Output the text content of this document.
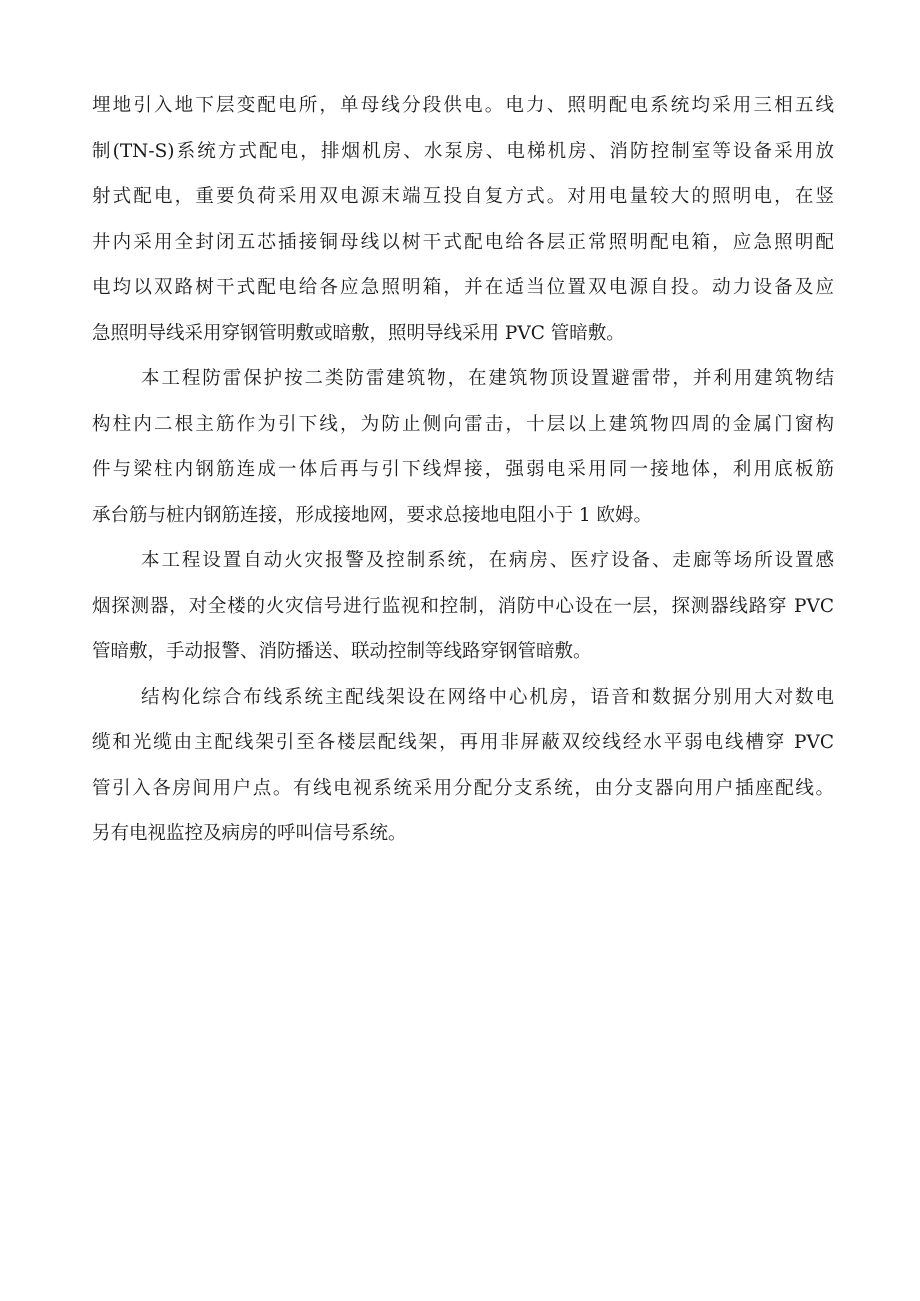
埋地引入地下层变配电所，单母线分段供电。电力、照明配电系统均采用三相五线
制(TN-S)系统方式配电，排烟机房、水泵房、电梯机房、消防控制室等设备采用放
射式配电，重要负荷采用双电源末端互投自复方式。对用电量较大的照明电，在竖
井内采用全封闭五芯插接铜母线以树干式配电给各层正常照明配电箱，应急照明配
电均以双路树干式配电给各应急照明箱，并在适当位置双电源自投。动力设备及应
急照明导线采用穿钢管明敷或暗敷，照明导线采用 PVC 管暗敷。
本工程防雷保护按二类防雷建筑物，在建筑物顶设置避雷带，并利用建筑物结
构柱内二根主筋作为引下线，为防止侧向雷击，十层以上建筑物四周的金属门窗构
件与梁柱内钢筋连成一体后再与引下线焊接，强弱电采用同一接地体，利用底板筋
承台筋与桩内钢筋连接，形成接地网，要求总接地电阻小于 1 欧姆。
本工程设置自动火灾报警及控制系统，在病房、医疗设备、走廊等场所设置感
烟探测器，对全楼的火灾信号进行监视和控制，消防中心设在一层，探测器线路穿 PVC
管暗敷，手动报警、消防播送、联动控制等线路穿钢管暗敷。
结构化综合布线系统主配线架设在网络中心机房，语音和数据分别用大对数电
缆和光缆由主配线架引至各楼层配线架，再用非屏蔽双绞线经水平弱电线槽穿 PVC
管引入各房间用户点。有线电视系统采用分配分支系统，由分支器向用户插座配线。
另有电视监控及病房的呼叫信号系统。
